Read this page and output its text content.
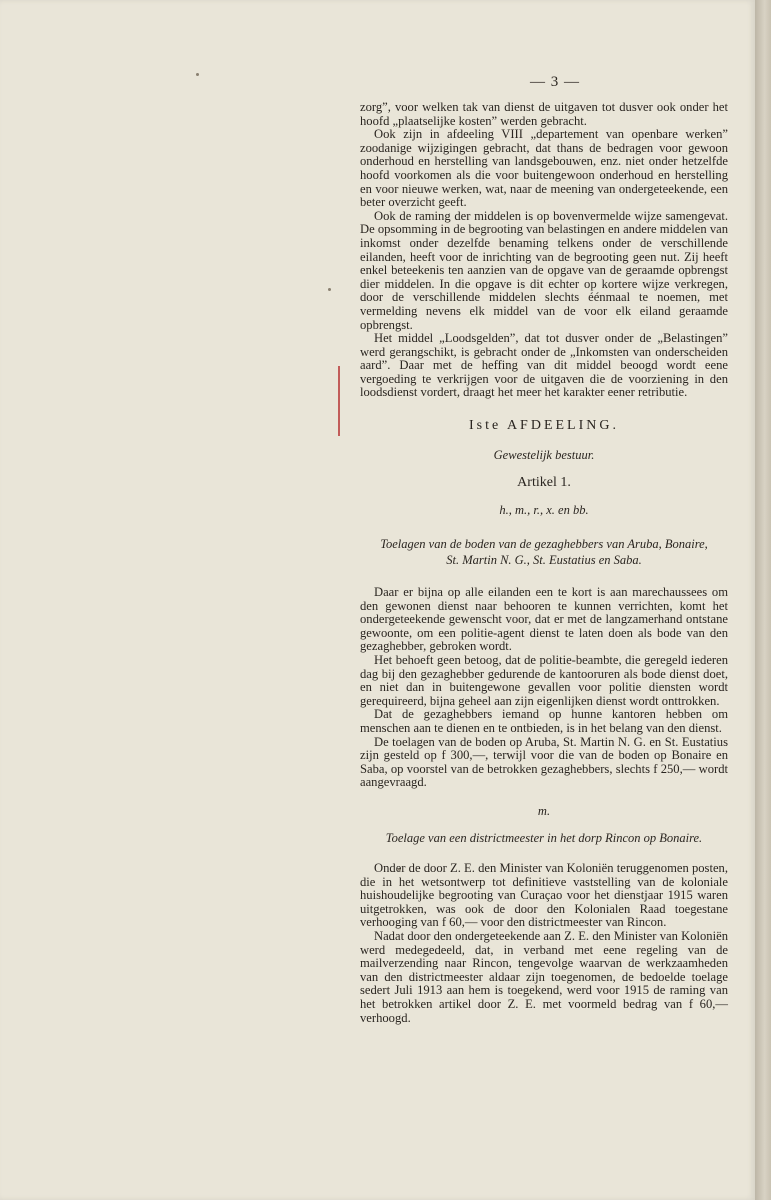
— 3 —

zorg”, voor welken tak van dienst de uitgaven tot dusver ook onder het hoofd „plaatselijke kosten” werden gebracht.

Ook zijn in afdeeling VIII „departement van openbare werken” zoodanige wijzigingen gebracht, dat thans de bedragen voor gewoon onderhoud en herstelling van landsgebouwen, enz. niet onder hetzelfde hoofd voorkomen als die voor buitengewoon onderhoud en herstelling en voor nieuwe werken, wat, naar de meening van ondergeteekende, een beter overzicht geeft.

Ook de raming der middelen is op bovenvermelde wijze samengevat. De opsomming in de begrooting van belastingen en andere middelen van inkomst onder dezelfde benaming telkens onder de verschillende eilanden, heeft voor de inrichting van de begrooting geen nut. Zij heeft enkel beteekenis ten aanzien van de opgave van de geraamde opbrengst dier middelen. In die opgave is dit echter op kortere wijze verkregen, door de verschillende middelen slechts éénmaal te noemen, met vermelding nevens elk middel van de voor elk eiland geraamde opbrengst.

Het middel „Loodsgelden”, dat tot dusver onder de „Belastingen” werd gerangschikt, is gebracht onder de „Inkomsten van onderscheiden aard”. Daar met de heffing van dit middel beoogd wordt eene vergoeding te verkrijgen voor de uitgaven die de voorziening in den loodsdienst vordert, draagt het meer het karakter eener retributie.

Iste AFDEELING.
Gewestelijk bestuur.
Artikel 1.
h., m., r., x. en bb.
Toelagen van de boden van de gezaghebbers van Aruba, Bonaire,
St. Martin N. G., St. Eustatius en Saba.

Daar er bijna op alle eilanden een te kort is aan marechaussees om den gewonen dienst naar behooren te kunnen verrichten, komt het ondergeteekende gewenscht voor, dat er met de langzamerhand ontstane gewoonte, om een politie-agent dienst te laten doen als bode van den gezaghebber, gebroken wordt.

Het behoeft geen betoog, dat de politie-beambte, die geregeld iederen dag bij den gezaghebber gedurende de kantooruren als bode dienst doet, en niet dan in buitengewone gevallen voor politie diensten wordt gerequireerd, bijna geheel aan zijn eigenlijken dienst wordt onttrokken.

Dat de gezaghebbers iemand op hunne kantoren hebben om menschen aan te dienen en te ontbieden, is in het belang van den dienst.

De toelagen van de boden op Aruba, St. Martin N. G. en St. Eustatius zijn gesteld op f 300,—, terwijl voor die van de boden op Bonaire en Saba, op voorstel van de betrokken gezaghebbers, slechts f 250,— wordt aangevraagd.

m.
Toelage van een districtmeester in het dorp Rincon op Bonaire.

Onder de door Z. E. den Minister van Koloniën teruggenomen posten, die in het wetsontwerp tot definitieve vaststelling van de koloniale huishoudelijke begrooting van Curaçao voor het dienstjaar 1915 waren uitgetrokken, was ook de door den Kolonialen Raad toegestane verhooging van f 60,— voor den districtmeester van Rincon.

Nadat door den ondergeteekende aan Z. E. den Minister van Koloniën werd medegedeeld, dat, in verband met eene regeling van de mailverzending naar Rincon, tengevolge waarvan de werkzaamheden van den districtmeester aldaar zijn toegenomen, de bedoelde toelage sedert Juli 1913 aan hem is toegekend, werd voor 1915 de raming van het betrokken artikel door Z. E. met voormeld bedrag van f 60,— verhoogd.
